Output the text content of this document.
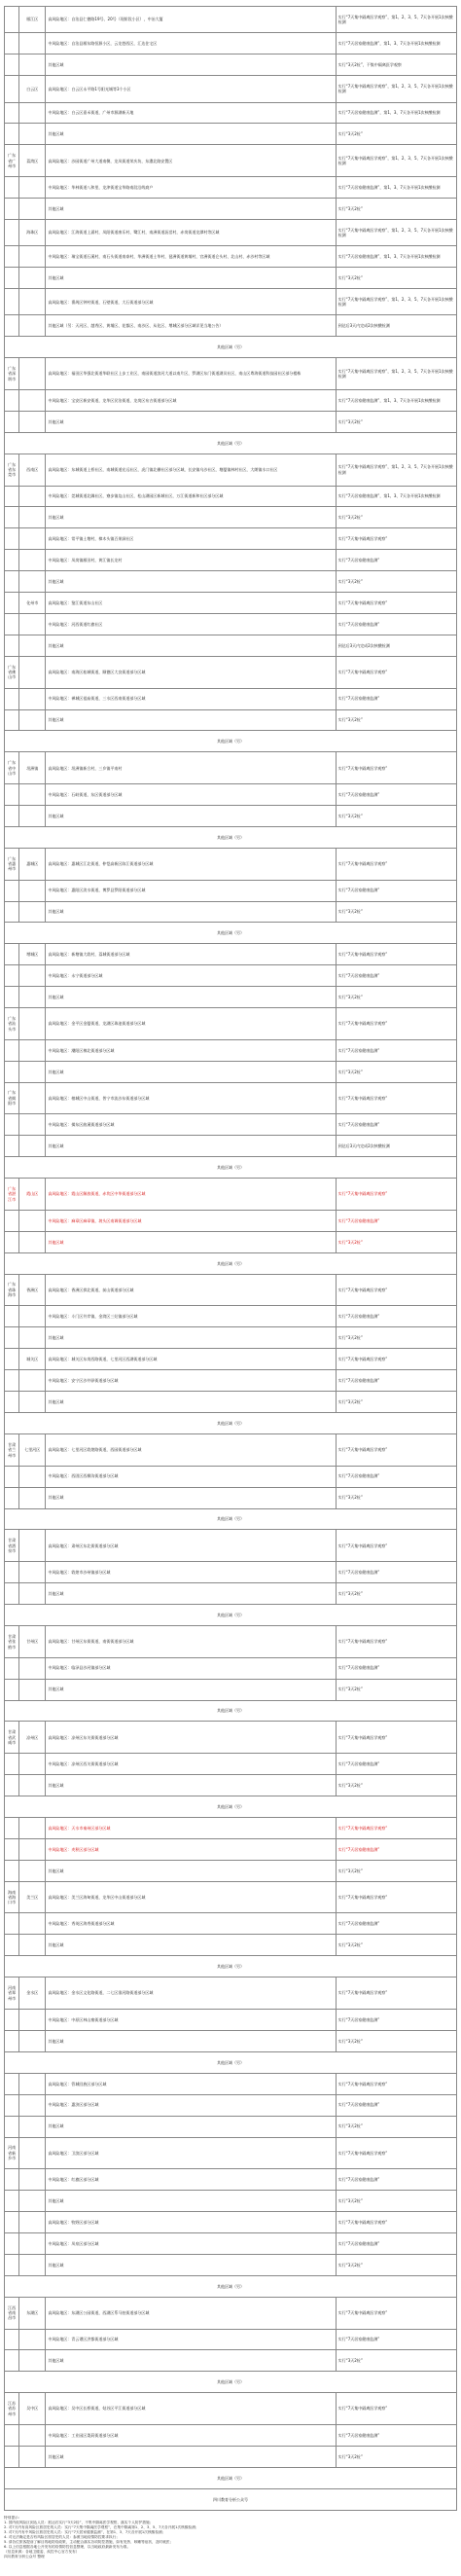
	雁江区	高风险地区：自治县仁德路19号、20号（现阶段小区），中冶大厦	实行“7天集中隔离医学观察”，第1、2、3、5、7天各开展1次核酸检测
		中风险地区：自治县雁东路恒源小区，云龙巷西区，汇达住宅区	实行“7天居家健康监测”，第1、3、7天各开展1次核酸检测
		其他区域	实行“3天2检”，不集中隔离医学观察
	白云区	高风险地区：白云区永平路1号阳光城等3个小区	实行“7天集中隔离医学观察”，第1、2、3、5、7天各开展1次核酸检测
		中风险地区：白云区嘉禾街道，广州市源湖新天地	实行“7天居家健康监测”，第1、3、7天各开展1次核酸检测
		其他区域	实行“3天2检”
广东省广州市	荔湾区	高风险地区：沙园街道广州大道南侧，龙凤街道荣庆坊，东漖北路安置区	实行“7天集中隔离医学观察”，第1、2、3、5、7天各开展1次核酸检测
		中风险地区：华林街道八和里，龙津街道宝华路南段沿线商户	实行“7天居家健康监测”，第1、3、7天各开展1次核酸检测
		其他区域	实行“3天2检”
	海珠区	高风险地区：江海街道上涌村，凤阳街道康乐村、鹭江村，南洲街道沥滘村，赤岗街道龙潭村等区域	实行“7天集中隔离医学观察”，第1、2、3、5、7天各开展1次核酸检测
		中风险地区：瑞宝街道石溪村，南石头街道南泰村，华洲街道土华村，琶洲街道黄埔村，官洲街道仑头村、北山村、赤沙村等区域	实行“7天居家健康监测”，第1、3、7天各开展1次核酸检测
		其他区域	实行“3天2检”
		高风险地区：番禺区钟村街道，石壁街道，大石街道部分区域	实行“7天集中隔离医学观察”，第1、2、3、5、7天各开展1次核酸检测
		其他区域（另：天河区、越秀区、黄埔区、花都区、南沙区、从化区、增城区部分区域详见当地公告）	到达后3天内完成2次核酸检测
其他区域（另）			
广东省深圳市		高风险地区：福田区华强北街道华联社区上步工业区，南园街道滨河大道以南片区，罗湖区东门街道湖贝社区，南山区粤海街道科技园社区部分楼栋	实行“7天集中隔离医学观察”，第1、2、3、5、7天各开展1次核酸检测
		中风险地区：宝安区新安街道，龙华区民治街道，龙岗区布吉街道部分区域	实行“7天居家健康监测”，第1、3、7天各开展1次核酸检测
		其他区域	实行“3天2检”
其他区域（另）			
广东省东莞市	西南区	高风险地区：东城街道上桥社区，南城街道宏远社区，虎门镇北栅社区部分区域，长安镇乌沙社区，塘厦镇林村社区，大朗镇水口社区	实行“7天集中隔离医学观察”，第1、2、3、5、7天各开展1次核酸检测
		中风险地区：莞城街道北隅社区，寮步镇凫山社区，松山湖园区新城社区，万江街道新和社区部分区域	实行“7天居家健康监测”，第1、3、7天各开展1次核酸检测
		其他区域	实行“3天2检”
		高风险地区：常平镇土塘村，樟木头镇百果洞社区	实行“7天集中隔离医学观察”
		中风险地区：凤岗镇雁田村，黄江镇长龙村	实行“7天居家健康监测”
		其他区域	实行“3天2检”
	化州市	高风险地区：鉴江街道东山社区	实行“7天集中隔离医学观察”
		中风险地区：河西街道红旗社区	实行“7天居家健康监测”
		其他区域	到达后3天内完成2次核酸检测
广东省佛山市		高风险地区：南海区桂城街道，顺德区大良街道部分区域	实行“7天集中隔离医学观察”
		中风险地区：禅城区祖庙街道，三水区西南街道部分区域	实行“7天居家健康监测”
		其他区域	实行“3天2检”
其他区域（另）			
广东省中山市	坦洲镇	高风险地区：坦洲镇新合村，三乡镇平南村	实行“7天集中隔离医学观察”
		中风险地区：石岐街道，东区街道部分区域	实行“7天居家健康监测”
		其他区域	实行“3天2检”
其他区域（另）			
广东省惠州市	惠城区	高风险地区：惠城区江北街道，仲恺高新区陈江街道部分区域	实行“7天集中隔离医学观察”
		中风险地区：惠阳区淡水街道，博罗县罗阳街道部分区域	实行“7天居家健康监测”
		其他区域	实行“3天2检”
其他区域（另）			
	增城区	高风险地区：新塘镇大敦村，荔城街道部分区域	实行“7天集中隔离医学观察”
		中风险地区：永宁街道部分区域	实行“7天居家健康监测”
		其他区域	实行“3天2检”
广东省汕头市		高风险地区：金平区金厦街道，龙湖区珠池街道部分区域	实行“7天集中隔离医学观察”
		中风险地区：潮阳区棉北街道部分区域	实行“7天居家健康监测”
		其他区域	实行“3天2检”
广东省揭阳市		高风险地区：榕城区中山街道，普宁市流沙东街道部分区域	实行“7天集中隔离医学观察”
		中风险地区：揭东区曲溪街道部分区域	实行“7天居家健康监测”
		其他区域	到达后3天内完成2次核酸检测
其他区域（另）			
广东省湛江市	霞山区	高风险地区：霞山区解放街道，赤坎区中华街道部分区域	实行“7天集中隔离医学观察”
		中风险地区：麻章区麻章镇，坡头区南调街道部分区域	实行“7天居家健康监测”
		其他区域	实行“3天2检”
其他区域（另）			
广东省珠海市	香洲区	高风险地区：香洲区拱北街道，前山街道部分区域	实行“7天集中隔离医学观察”
		中风险地区：斗门区井岸镇，金湾区三灶镇部分区域	实行“7天居家健康监测”
		其他区域	实行“3天2检”
	城关区	高风险地区：城关区东岗西路街道，七里河区西湖街道部分区域	实行“7天集中隔离医学观察”
		中风险地区：安宁区沙井驿街道部分区域	实行“7天居家健康监测”
		其他区域	实行“3天2检”
其他区域（另）			
甘肃省兰州市	七里河区	高风险地区：七里河区敦煌路街道，西园街道部分区域	实行“7天集中隔离医学观察”
		中风险地区：西固区西柳沟街道部分区域	实行“7天居家健康监测”
		其他区域	实行“3天2检”
其他区域（另）			
甘肃省酒泉市		高风险地区：肃州区东北街街道部分区域	实行“7天集中隔离医学观察”
		中风险地区：敦煌市沙州镇部分区域	实行“7天居家健康监测”
		其他区域	实行“3天2检”
其他区域（另）			
甘肃省张掖市	甘州区	高风险地区：甘州区东街街道，南街街道部分区域	实行“7天集中隔离医学观察”
		中风险地区：临泽县沙河镇部分区域	实行“7天居家健康监测”
		其他区域	实行“3天2检”
其他区域（另）			
甘肃省武威市	凉州区	高风险地区：凉州区东关街街道部分区域	实行“7天集中隔离医学观察”
		中风险地区：凉州区西关街街道部分区域	实行“7天居家健康监测”
		其他区域	实行“3天2检”
其他区域（另）			
		高风险地区：天水市秦州区部分区域	实行“7天集中隔离医学观察”
		中风险地区：麦积区部分区域	实行“7天居家健康监测”
		其他区域	实行“3天2检”
海南省海口市	美兰区	高风险地区：美兰区海甸街道，龙华区中山街道部分区域	实行“7天集中隔离医学观察”
		中风险地区：秀英区海秀街道部分区域	实行“7天居家健康监测”
		其他区域	实行“3天2检”
其他区域（另）			
河南省郑州市	金水区	高风险地区：金水区文化路街道，二七区淮河路街道部分区域	实行“7天集中隔离医学观察”
		中风险地区：中原区林山寨街道部分区域	实行“7天居家健康监测”
		其他区域	实行“3天2检”
其他区域（另）			
		高风险地区：管城回族区部分区域	实行“7天集中隔离医学观察”
		中风险地区：惠济区部分区域	实行“7天居家健康监测”
		其他区域	实行“3天2检”
河南省新乡市		高风险地区：卫滨区部分区域	实行“7天集中隔离医学观察”
		中风险地区：红旗区部分区域	实行“7天居家健康监测”
		其他区域	实行“3天2检”
		高风险地区：牧野区部分区域	实行“7天集中隔离医学观察”
		中风险地区：凤泉区部分区域	实行“7天居家健康监测”
		其他区域	实行“3天2检”
其他区域（另）			
江西省南昌市	东湖区	高风险地区：东湖区公园街道，西湖区系马桩街道部分区域	实行“7天集中隔离医学观察”
		中风险地区：青云谱区洪都街道部分区域	实行“7天居家健康监测”
		其他区域	实行“3天2检”
其他区域（另）			
江苏省苏州市	吴中区	高风险地区：吴中区长桥街道，姑苏区平江街道部分区域	实行“7天集中隔离医学观察”
		中风险地区：工业园区娄葑街道部分区域	实行“7天居家健康监测”
		其他区域	实行“3天2检”
其他区域（另）			
四川教育分析公众号			
特别提示：
1. 国内低风险区到达人员：抵达后实行“3天2检”，不集中隔离医学观察，落实个人防护措施；
2. 对7天内有高风险区旅居史的人员：实行“7天集中隔离医学观察”，在集中隔离第1、2、3、5、7天各开展1次核酸检测；
3. 对7天内有中风险区旅居史的人员：实行“7天居家健康监测”，在第1、3、7天各开展1次核酸检测；
4. 对无法确定是否有风险区旅居史的人员：参照当地疫情防控要求执行；
5. 请各位旅客提前了解目的地防疫政策，主动配合落实各项防控措施，如有发热、咳嗽等症状，及时就医；
6. 以上信息根据各地公开发布的疫情防控信息整理，以当地政府最新发布为准。
（信息来源：各地卫健委、疾控中心官方发布）
四川教育分析公众号 整理
